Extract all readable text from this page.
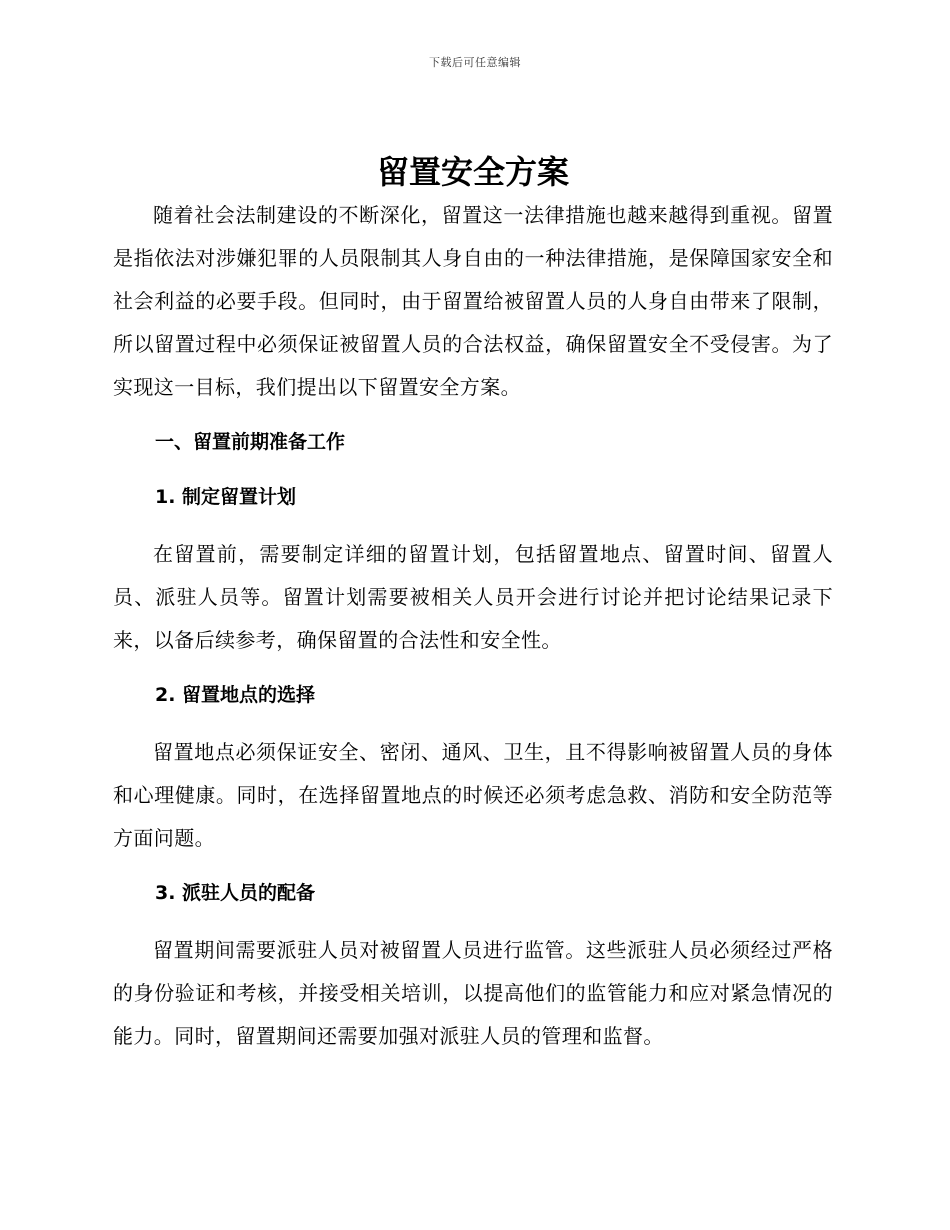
下载后可任意编辑
留置安全方案

随着社会法制建设的不断深化，留置这一法律措施也越来越得到重视。留置是指依法对涉嫌犯罪的人员限制其人身自由的一种法律措施，是保障国家安全和社会利益的必要手段。但同时，由于留置给被留置人员的人身自由带来了限制，所以留置过程中必须保证被留置人员的合法权益，确保留置安全不受侵害。为了实现这一目标，我们提出以下留置安全方案。

一、留置前期准备工作
1. 制定留置计划

在留置前，需要制定详细的留置计划，包括留置地点、留置时间、留置人员、派驻人员等。留置计划需要被相关人员开会进行讨论并把讨论结果记录下来，以备后续参考，确保留置的合法性和安全性。

2. 留置地点的选择

留置地点必须保证安全、密闭、通风、卫生，且不得影响被留置人员的身体和心理健康。同时，在选择留置地点的时候还必须考虑急救、消防和安全防范等方面问题。

3. 派驻人员的配备

留置期间需要派驻人员对被留置人员进行监管。这些派驻人员必须经过严格的身份验证和考核，并接受相关培训，以提高他们的监管能力和应对紧急情况的能力。同时，留置期间还需要加强对派驻人员的管理和监督。
